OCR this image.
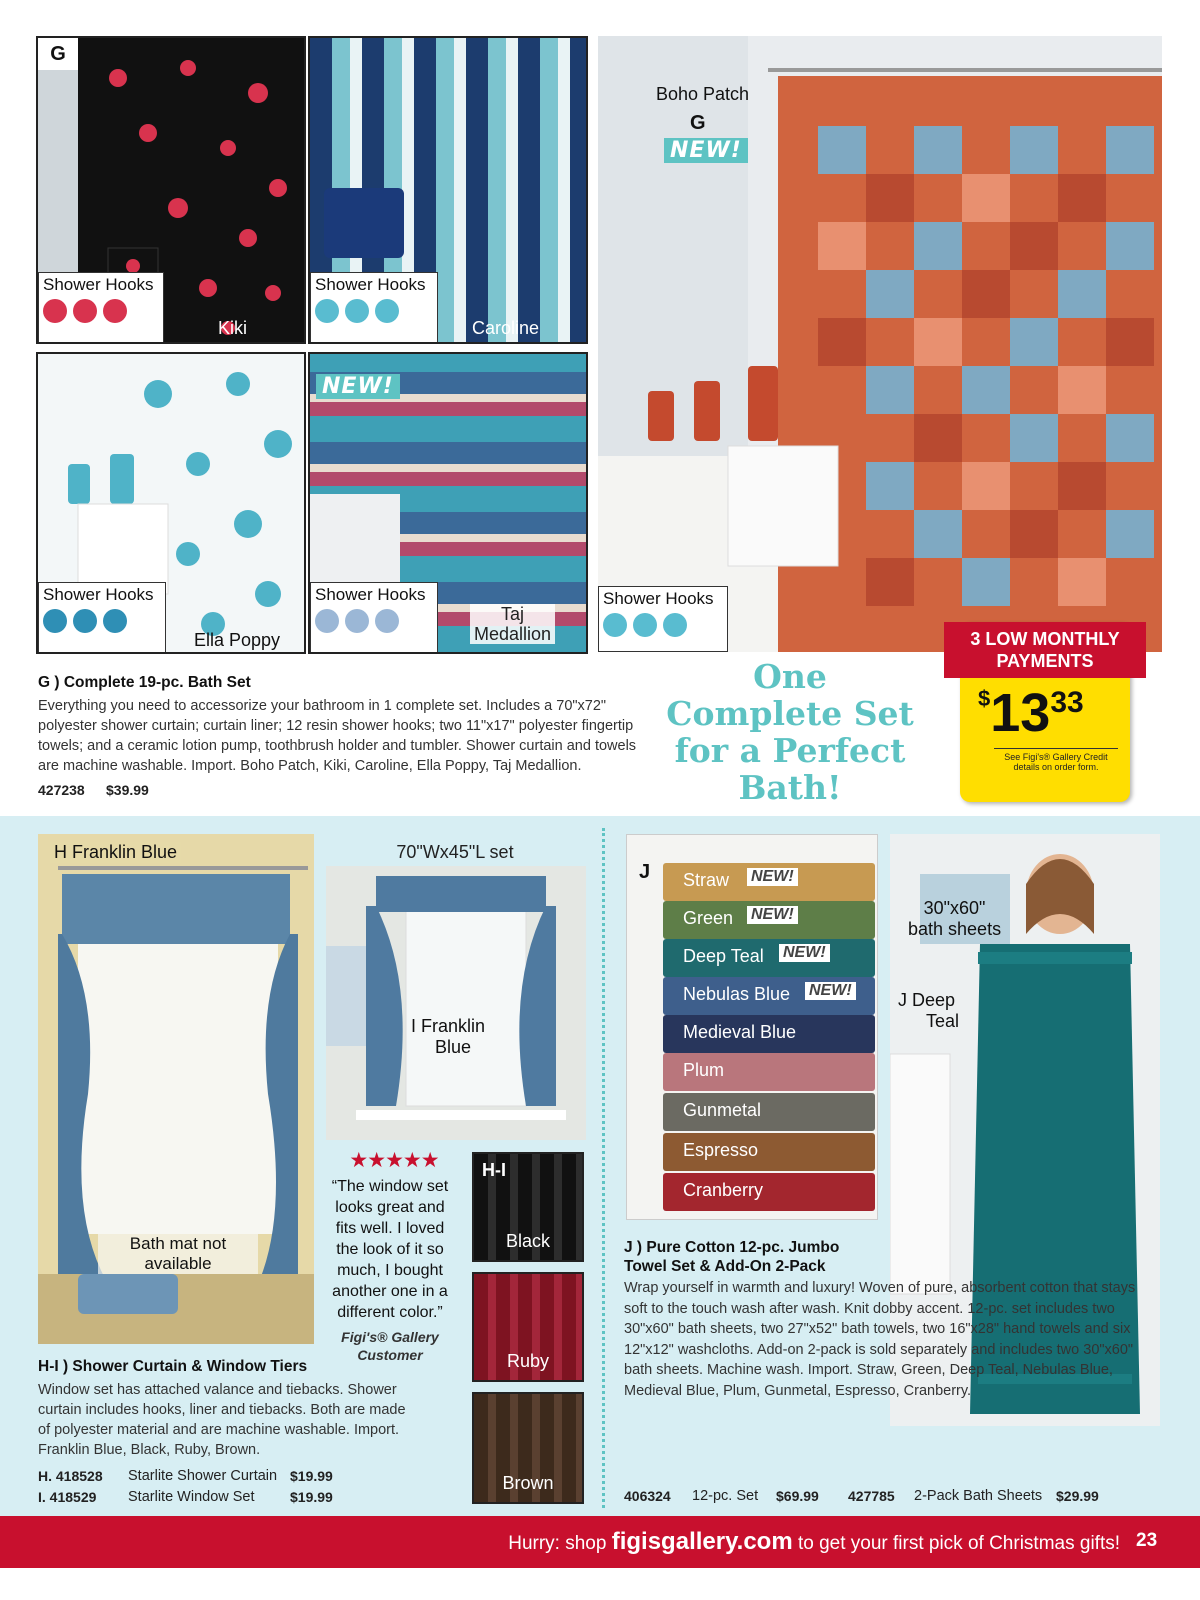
G
Shower Hooks
Kiki
Shower Hooks
Caroline
Boho Patch
G
NEW!
Shower Hooks
Shower Hooks
Ella Poppy
NEW!
Shower Hooks
Taj
Medallion
G ) Complete 19-pc. Bath Set
Everything you need to accessorize your bathroom in 1 complete set. Includes a 70"x72" polyester shower curtain; curtain liner; 12 resin shower hooks; two 11"x17" polyester fingertip towels; and a ceramic lotion pump, toothbrush holder and tumbler. Shower curtain and towels are machine washable. Import. Boho Patch, Kiki, Caroline, Ella Poppy, Taj Medallion.
427238 $39.99
One
Complete Set
for a Perfect
Bath!
3 LOW MONTHLY
PAYMENTS
$1333
See Figi's® Gallery Credit
details on order form.
H Franklin Blue
Bath mat not
available
70"Wx45"L set
I Franklin
Blue
★★★★★
“The window set looks great and fits well. I loved the look of it so much, I bought another one in a different color.”
Figi's® Gallery
Customer
H-I
Black
Ruby
Brown
H-I ) Shower Curtain & Window Tiers
Window set has attached valance and tiebacks. Shower curtain includes hooks, liner and tiebacks. Both are made of polyester material and are machine washable. Import. Franklin Blue, Black, Ruby, Brown.
H. 418528	Starlite Shower Curtain $19.99
I. 418529	Starlite Window Set	$19.99
J Straw NEW!
Green NEW!
Deep Teal NEW!
Nebulas Blue NEW!
Medieval Blue
Plum
Gunmetal
Espresso
Cranberry
30"x60"
bath sheets
J Deep
Teal
J ) Pure Cotton 12-pc. Jumbo
Towel Set & Add-On 2-Pack
Wrap yourself in warmth and luxury! Woven of pure, absorbent cotton that stays soft to the touch wash after wash. Knit dobby accent. 12-pc. set includes two 30"x60" bath sheets, two 27"x52" bath towels, two 16"x28" hand towels and six 12"x12" washcloths. Add-on 2-pack is sold separately and includes two 30"x60" bath sheets. Machine wash. Import. Straw, Green, Deep Teal, Nebulas Blue, Medieval Blue, Plum, Gunmetal, Espresso, Cranberry.
406324	12-pc. Set	$69.99	427785	2-Pack Bath Sheets $29.99
Hurry: shop figisgallery.com to get your first pick of Christmas gifts! 23
